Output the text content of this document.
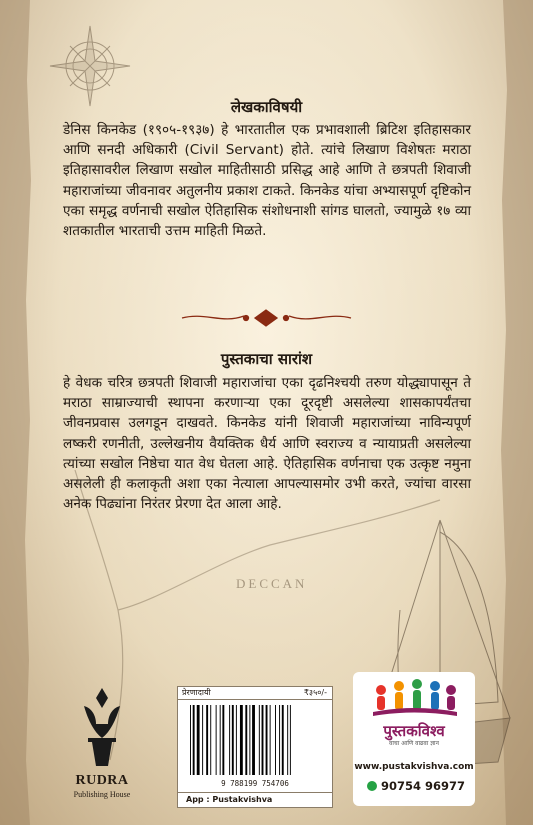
DECCAN
लेखकाविषयी

डेनिस किनकेड (१९०५-१९३७) हे भारतातील एक प्रभावशाली ब्रिटिश इतिहासकार आणि सनदी अधिकारी (Civil Servant) होते. त्यांचे लिखाण विशेषतः मराठा इतिहासावरील लिखाण सखोल माहितीसाठी प्रसिद्ध आहे आणि ते छत्रपती शिवाजी महाराजांच्या जीवनावर अतुलनीय प्रकाश टाकते. किनकेड यांचा अभ्यासपूर्ण दृष्टिकोन एका समृद्ध वर्णनाची सखोल ऐतिहासिक संशोधनाशी सांगड घालतो, ज्यामुळे १७ व्या शतकातील भारताची उत्तम माहिती मिळते.

पुस्तकाचा सारांश

हे वेधक चरित्र छत्रपती शिवाजी महाराजांचा एका दृढनिश्चयी तरुण योद्ध्यापासून ते मराठा साम्राज्याची स्थापना करणाऱ्या एका दूरदृष्टी असलेल्या शासकापर्यंतचा जीवनप्रवास उलगडून दाखवते. किनकेड यांनी शिवाजी महाराजांच्या नाविन्यपूर्ण लष्करी रणनीती, उल्लेखनीय वैयक्तिक धैर्य आणि स्वराज्य व न्यायाप्रती असलेल्या त्यांच्या सखोल निष्ठेचा यात वेध घेतला आहे. ऐतिहासिक वर्णनाचा एक उत्कृष्ट नमुना असलेली ही कलाकृती अशा एका नेत्याला आपल्यासमोर उभी करते, ज्यांचा वारसा अनेक पिढ्यांना निरंतर प्रेरणा देत आला आहे.

RUDRA
Publishing House
प्रेरणादायी	₹३५०/-
9 788199 754706
App : Pustakvishva
पुस्तकविश्व
वाचा आणि वाढवा ज्ञान
www.pustakvishva.com
90754 96977
